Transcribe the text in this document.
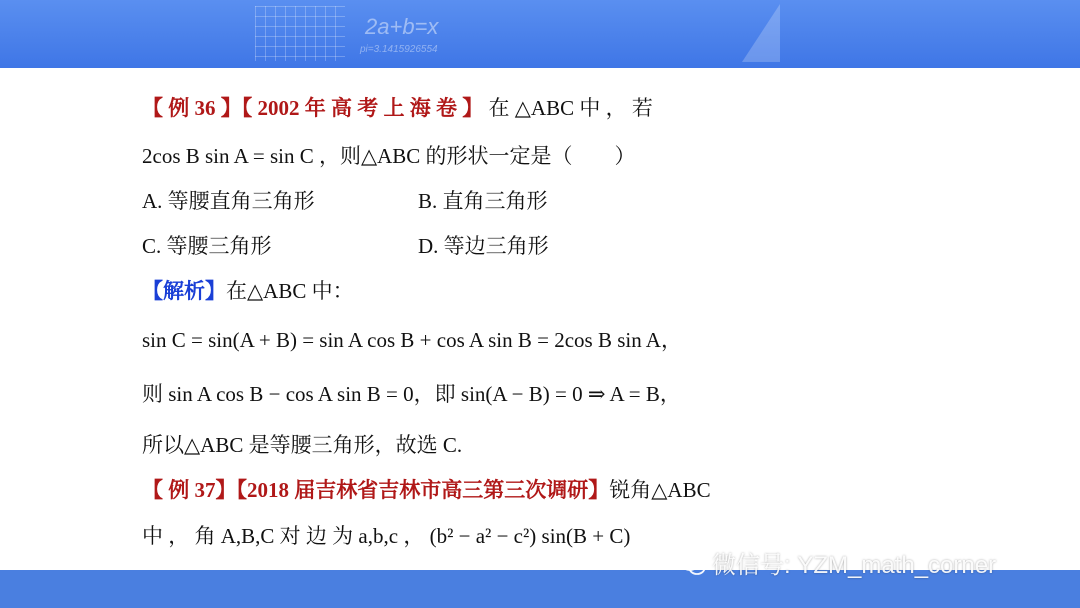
2a+b=x
pi=3.1415926554
【 例 36 】【 2002 年 高 考 上 海 卷 】 在 △ABC 中 ， 若
2cos B sin A = sin C ，则△ABC 的形状一定是（　　）
A. 等腰直角三角形	B. 直角三角形
C. 等腰三角形	D. 等边三角形
【解析】在△ABC 中：
sin C = sin(A + B) = sin A cos B + cos A sin B = 2cos B sin A，
则 sin A cos B − cos A sin B = 0，即 sin(A − B) = 0 ⇒ A = B，
所以△ABC 是等腰三角形，故选 C.
【 例 37】【2018 届吉林省吉林市高三第三次调研】锐角△ABC
中 ， 角 A,B,C 对 边 为 a,b,c ， (b² − a² − c²) sin(B + C)
微信号: YZM_math_corner
